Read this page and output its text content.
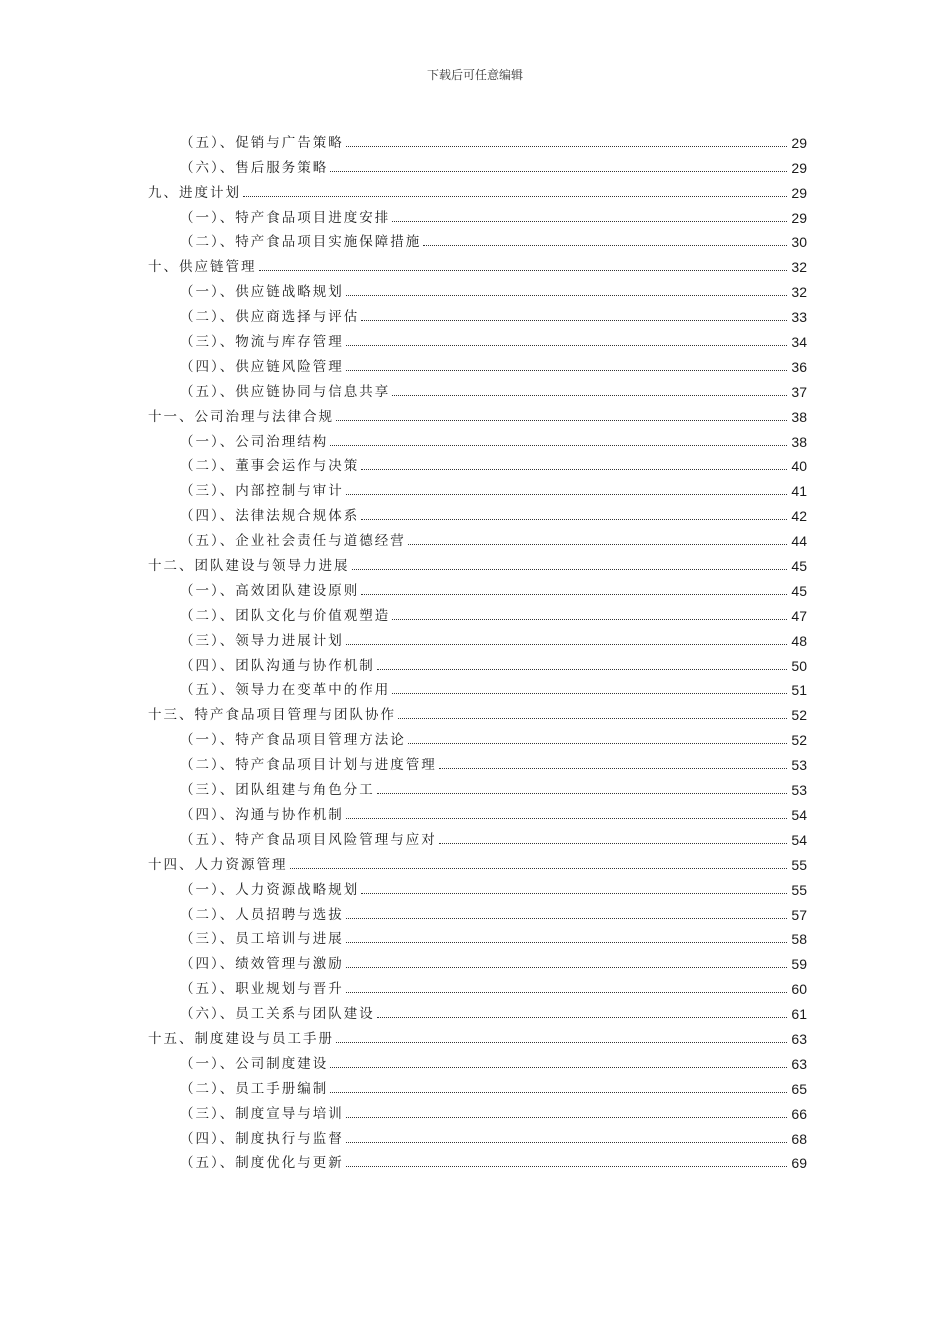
下载后可任意编辑
（五）、促销与广告策略	29
（六）、售后服务策略	29
九、进度计划	29
（一）、特产食品项目进度安排	29
（二）、特产食品项目实施保障措施	30
十、供应链管理	32
（一）、供应链战略规划	32
（二）、供应商选择与评估	33
（三）、物流与库存管理	34
（四）、供应链风险管理	36
（五）、供应链协同与信息共享	37
十一、公司治理与法律合规	38
（一）、公司治理结构	38
（二）、董事会运作与决策	40
（三）、内部控制与审计	41
（四）、法律法规合规体系	42
（五）、企业社会责任与道德经营	44
十二、团队建设与领导力进展	45
（一）、高效团队建设原则	45
（二）、团队文化与价值观塑造	47
（三）、领导力进展计划	48
（四）、团队沟通与协作机制	50
（五）、领导力在变革中的作用	51
十三、特产食品项目管理与团队协作	52
（一）、特产食品项目管理方法论	52
（二）、特产食品项目计划与进度管理	53
（三）、团队组建与角色分工	53
（四）、沟通与协作机制	54
（五）、特产食品项目风险管理与应对	54
十四、人力资源管理	55
（一）、人力资源战略规划	55
（二）、人员招聘与选拔	57
（三）、员工培训与进展	58
（四）、绩效管理与激励	59
（五）、职业规划与晋升	60
（六）、员工关系与团队建设	61
十五、制度建设与员工手册	63
（一）、公司制度建设	63
（二）、员工手册编制	65
（三）、制度宣导与培训	66
（四）、制度执行与监督	68
（五）、制度优化与更新	69
